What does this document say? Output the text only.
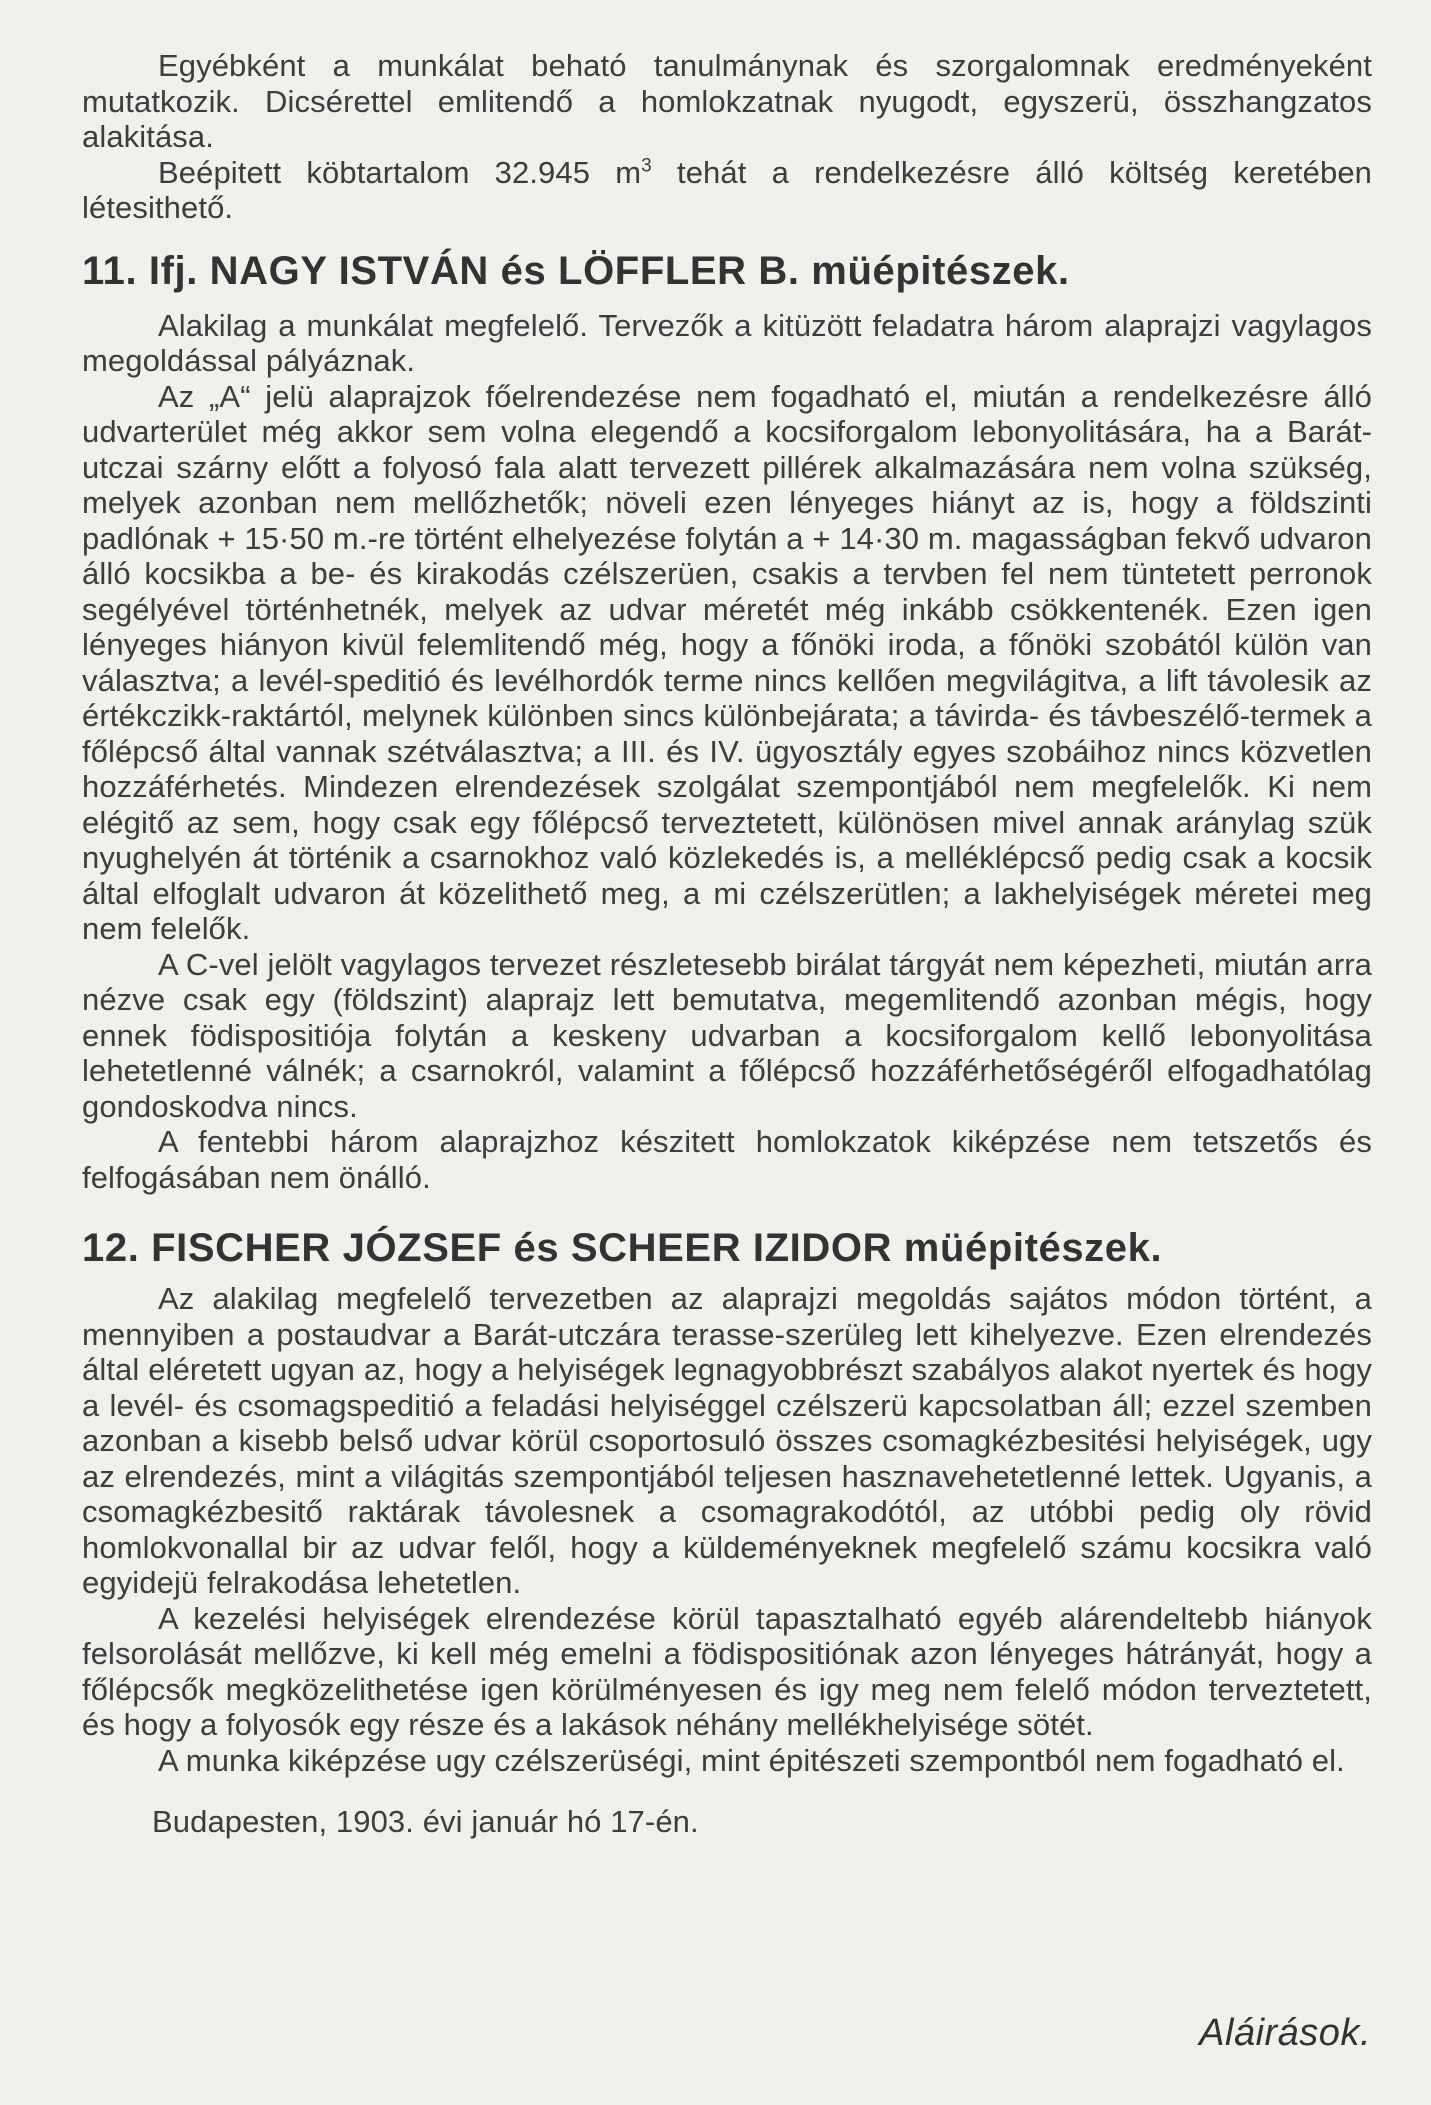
Egyébként a munkálat beható tanulmánynak és szorgalomnak eredményeként mutatkozik. Dicsérettel emlitendő a homlokzatnak nyugodt, egyszerü, összhangzatos alakitása.

Beépitett köbtartalom 32.945 $m^3$ tehát a rendelkezésre álló költség keretében létesithető.

11. Ifj. NAGY ISTVÁN és LÖFFLER B. müépitészek.

Alakilag a munkálat megfelelő. Tervezők a kitüzött feladatra három alaprajzi vagylagos megoldással pályáznak.

Az „A“ jelü alaprajzok főelrendezése nem fogadható el, miután a rendelkezésre álló udvarterület még akkor sem volna elegendő a kocsiforgalom lebonyolitására, ha a Barát-utczai szárny előtt a folyosó fala alatt tervezett pillérek alkalmazására nem volna szükség, melyek azonban nem mellőzhetők; növeli ezen lényeges hiányt az is, hogy a földszinti padlónak + 15·50 m.-re történt elhelyezése folytán a + 14·30 m. magasságban fekvő udvaron álló kocsikba a be- és kirakodás czélszerüen, csakis a tervben fel nem tüntetett perronok segélyével történhetnék, melyek az udvar méretét még inkább csökkentenék. Ezen igen lényeges hiányon kivül felemlitendő még, hogy a főnöki iroda, a főnöki szobától külön van választva; a levél-speditió és levélhordók terme nincs kellően megvilágitva, a lift távolesik az értékczikk-raktártól, melynek különben sincs különbejárata; a távirda- és távbeszélő-termek a főlépcső által vannak szétválasztva; a III. és IV. ügyosztály egyes szobáihoz nincs közvetlen hozzáférhetés. Mindezen elrendezések szolgálat szempontjából nem megfelelők. Ki nem elégitő az sem, hogy csak egy főlépcső terveztetett, különösen mivel annak aránylag szük nyughelyén át történik a csarnokhoz való közlekedés is, a melléklépcső pedig csak a kocsik által elfoglalt udvaron át közelithető meg, a mi czélszerütlen; a lakhelyiségek méretei meg nem felelők.

A C-vel jelölt vagylagos tervezet részletesebb birálat tárgyát nem képezheti, miután arra nézve csak egy (földszint) alaprajz lett bemutatva, megemlitendő azonban mégis, hogy ennek födispositiója folytán a keskeny udvarban a kocsiforgalom kellő lebonyolitása lehetetlenné válnék; a csarnokról, valamint a főlépcső hozzáférhetőségéről elfogadhatólag gondoskodva nincs.

A fentebbi három alaprajzhoz készitett homlokzatok kiképzése nem tetszetős és felfogásában nem önálló.

12. FISCHER JÓZSEF és SCHEER IZIDOR müépitészek.

Az alakilag megfelelő tervezetben az alaprajzi megoldás sajátos módon történt, a mennyiben a postaudvar a Barát-utczára terasse-szerüleg lett kihelyezve. Ezen elrendezés által eléretett ugyan az, hogy a helyiségek legnagyobbrészt szabályos alakot nyertek és hogy a levél- és csomagspeditió a feladási helyiséggel czélszerü kapcsolatban áll; ezzel szemben azonban a kisebb belső udvar körül csoportosuló összes csomagkézbesitési helyiségek, ugy az elrendezés, mint a világitás szempontjából teljesen hasznavehetetlenné lettek. Ugyanis, a csomagkézbesitő raktárak távolesnek a csomagrakodótól, az utóbbi pedig oly rövid homlokvonallal bir az udvar felől, hogy a küldeményeknek megfelelő számu kocsikra való egyidejü felrakodása lehetetlen.

A kezelési helyiségek elrendezése körül tapasztalható egyéb alárendeltebb hiányok felsorolását mellőzve, ki kell még emelni a födispositiónak azon lényeges hátrányát, hogy a főlépcsők megközelithetése igen körülményesen és igy meg nem felelő módon terveztetett, és hogy a folyosók egy része és a lakások néhány mellékhelyisége sötét.

A munka kiképzése ugy czélszerüségi, mint épitészeti szempontból nem fogadható el.

Budapesten, 1903. évi január hó 17-én.

Aláirások.
